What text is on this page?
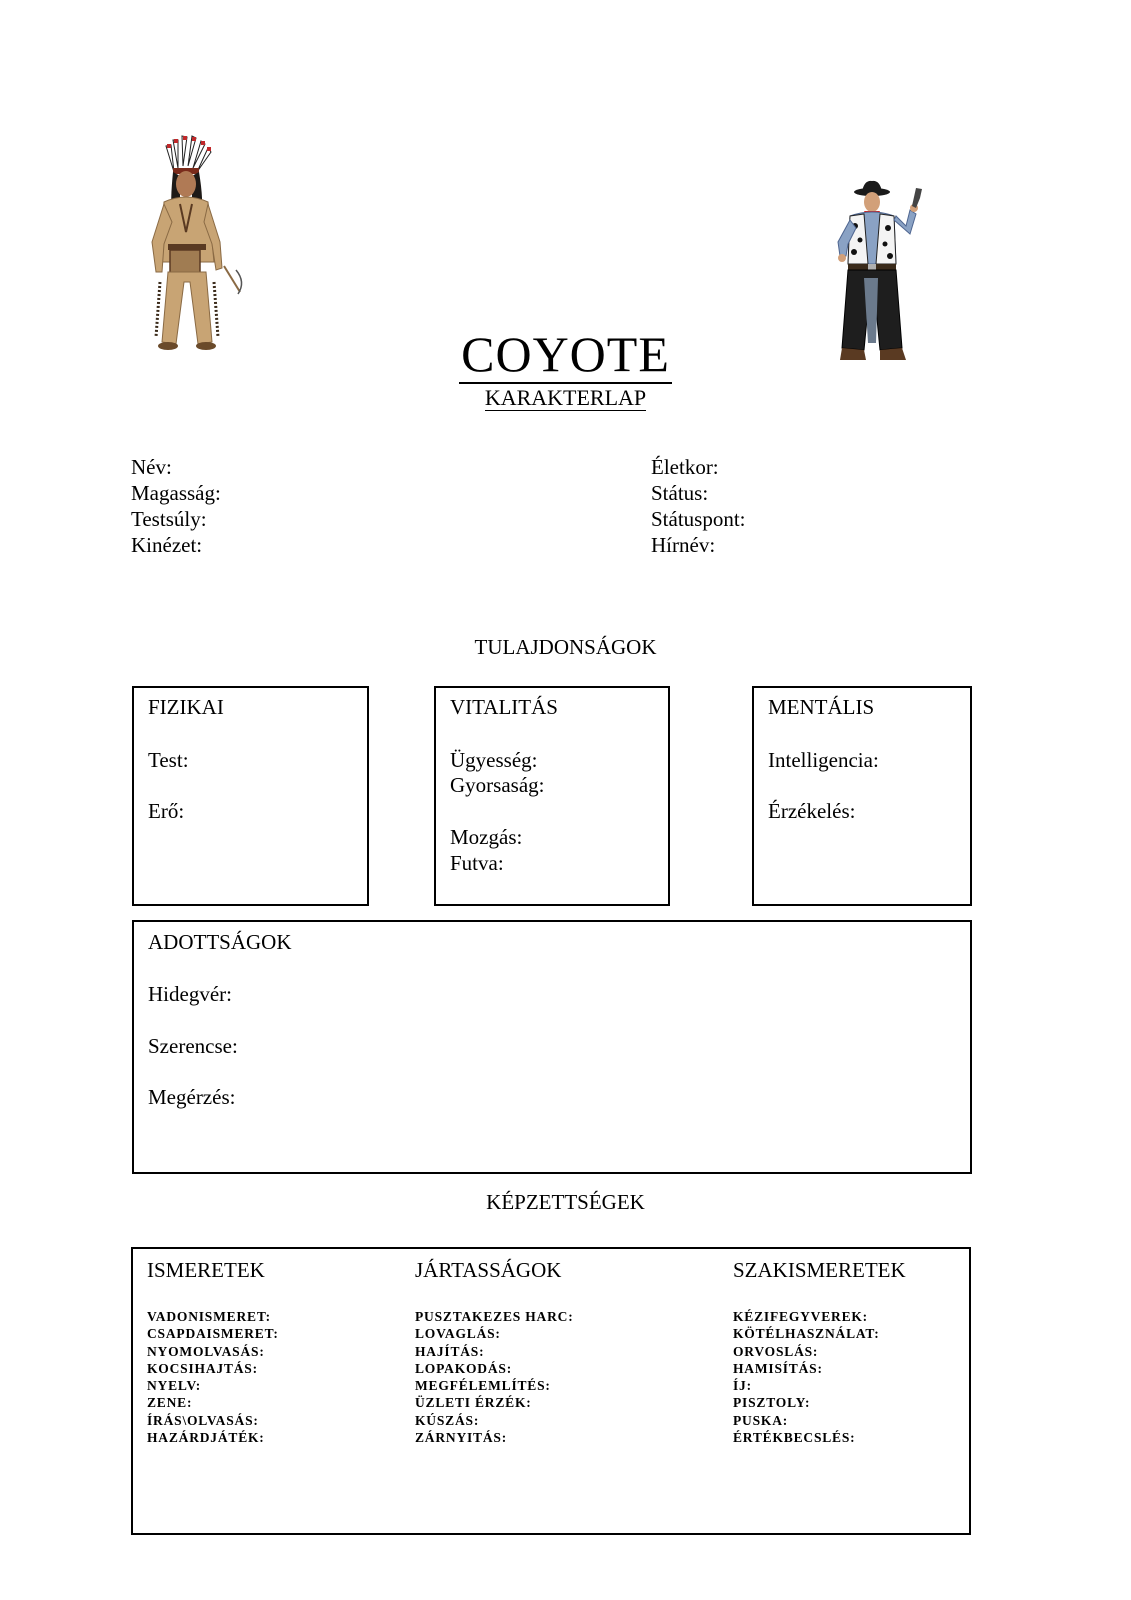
COYOTE
KARAKTERLAP
Név:
Magasság:
Testsúly:
Kinézet:
Életkor:
Státus:
Státuspont:
Hírnév:
TULAJDONSÁGOK
FIZIKAI
Test:
Erő:
VITALITÁS
Ügyesség:
Gyorsaság:
Mozgás:
Futva:
MENTÁLIS
Intelligencia:
Érzékelés:
ADOTTSÁGOK
Hidegvér:
Szerencse:
Megérzés:
KÉPZETTSÉGEK
ISMERETEK	JÁRTASSÁGOK	SZAKISMERETEK
VADONISMERET:
CSAPDAISMERET:
NYOMOLVASÁS:
KOCSIHAJTÁS:
NYELV:
ZENE:
ÍRÁS\OLVASÁS:
HAZÁRDJÁTÉK:
PUSZTAKEZES HARC:
LOVAGLÁS:
HAJÍTÁS:
LOPAKODÁS:
MEGFÉLEMLÍTÉS:
ÜZLETI ÉRZÉK:
KÚSZÁS:
ZÁRNYITÁS:
KÉZIFEGYVEREK:
KÖTÉLHASZNÁLAT:
ORVOSLÁS:
HAMISÍTÁS:
ÍJ:
PISZTOLY:
PUSKA:
ÉRTÉKBECSLÉS:
